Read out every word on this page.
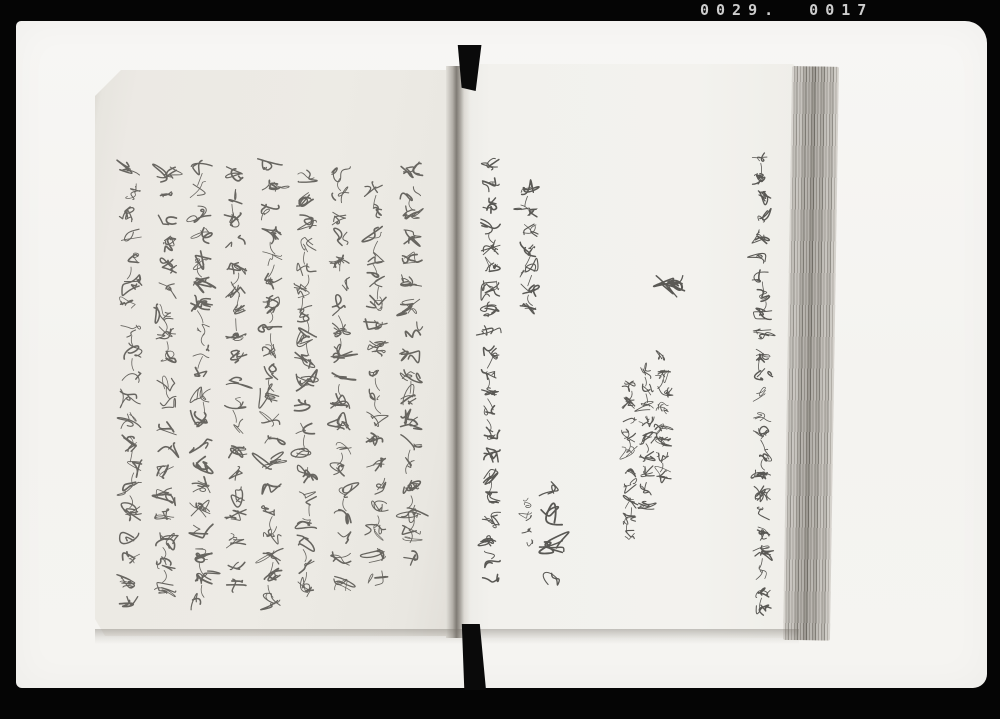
0029. 0017
